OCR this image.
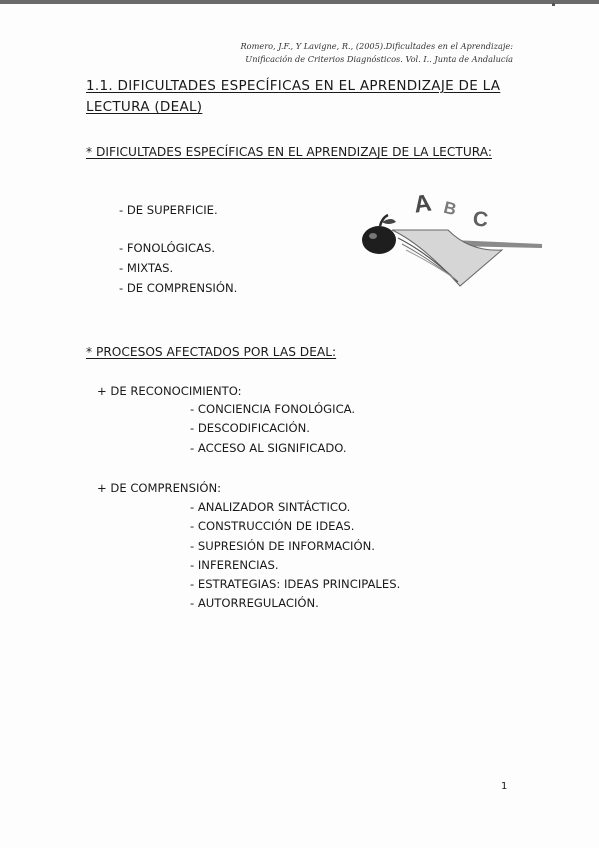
Romero, J.F., Y Lavigne, R., (2005).Dificultades en el Aprendizaje:
Unificación de Criterios Diagnósticos. Vol. I.. Junta de Andalucía
1.1. DIFICULTADES ESPECÍFICAS EN EL APRENDIZAJE DE LA LECTURA (DEAL)
* DIFICULTADES ESPECÍFICAS EN EL APRENDIZAJE DE LA LECTURA:
- DE SUPERFICIE.
- FONOLÓGICAS.
- MIXTAS.
- DE COMPRENSIÓN.
A B C
* PROCESOS AFECTADOS POR LAS DEAL:
+ DE RECONOCIMIENTO:
- CONCIENCIA FONOLÓGICA.
- DESCODIFICACIÓN.
- ACCESO AL SIGNIFICADO.
+ DE COMPRENSIÓN:
- ANALIZADOR SINTÁCTICO.
- CONSTRUCCIÓN DE IDEAS.
- SUPRESIÓN DE INFORMACIÓN.
- INFERENCIAS.
- ESTRATEGIAS: IDEAS PRINCIPALES.
- AUTORREGULACIÓN.
1
